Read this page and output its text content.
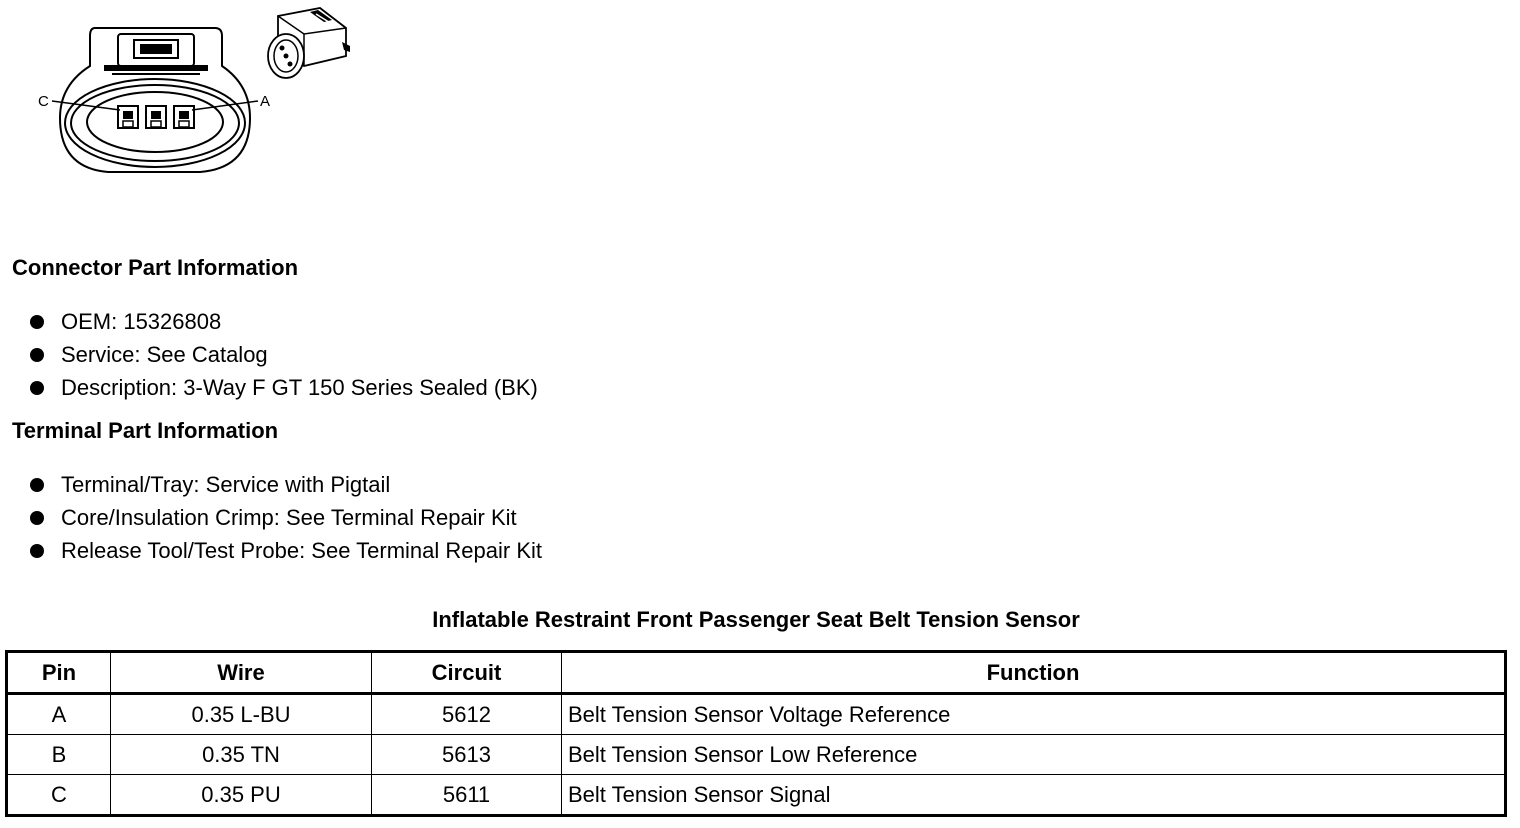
C	A
Connector Part Information
OEM: 15326808
Service: See Catalog
Description: 3-Way F GT 150 Series Sealed (BK)
Terminal Part Information
Terminal/Tray: Service with Pigtail
Core/Insulation Crimp: See Terminal Repair Kit
Release Tool/Test Probe: See Terminal Repair Kit
Inflatable Restraint Front Passenger Seat Belt Tension Sensor
Pin	Wire	Circuit	Function
A	0.35 L-BU	5612	Belt Tension Sensor Voltage Reference
B	0.35 TN	5613	Belt Tension Sensor Low Reference
C	0.35 PU	5611	Belt Tension Sensor Signal
